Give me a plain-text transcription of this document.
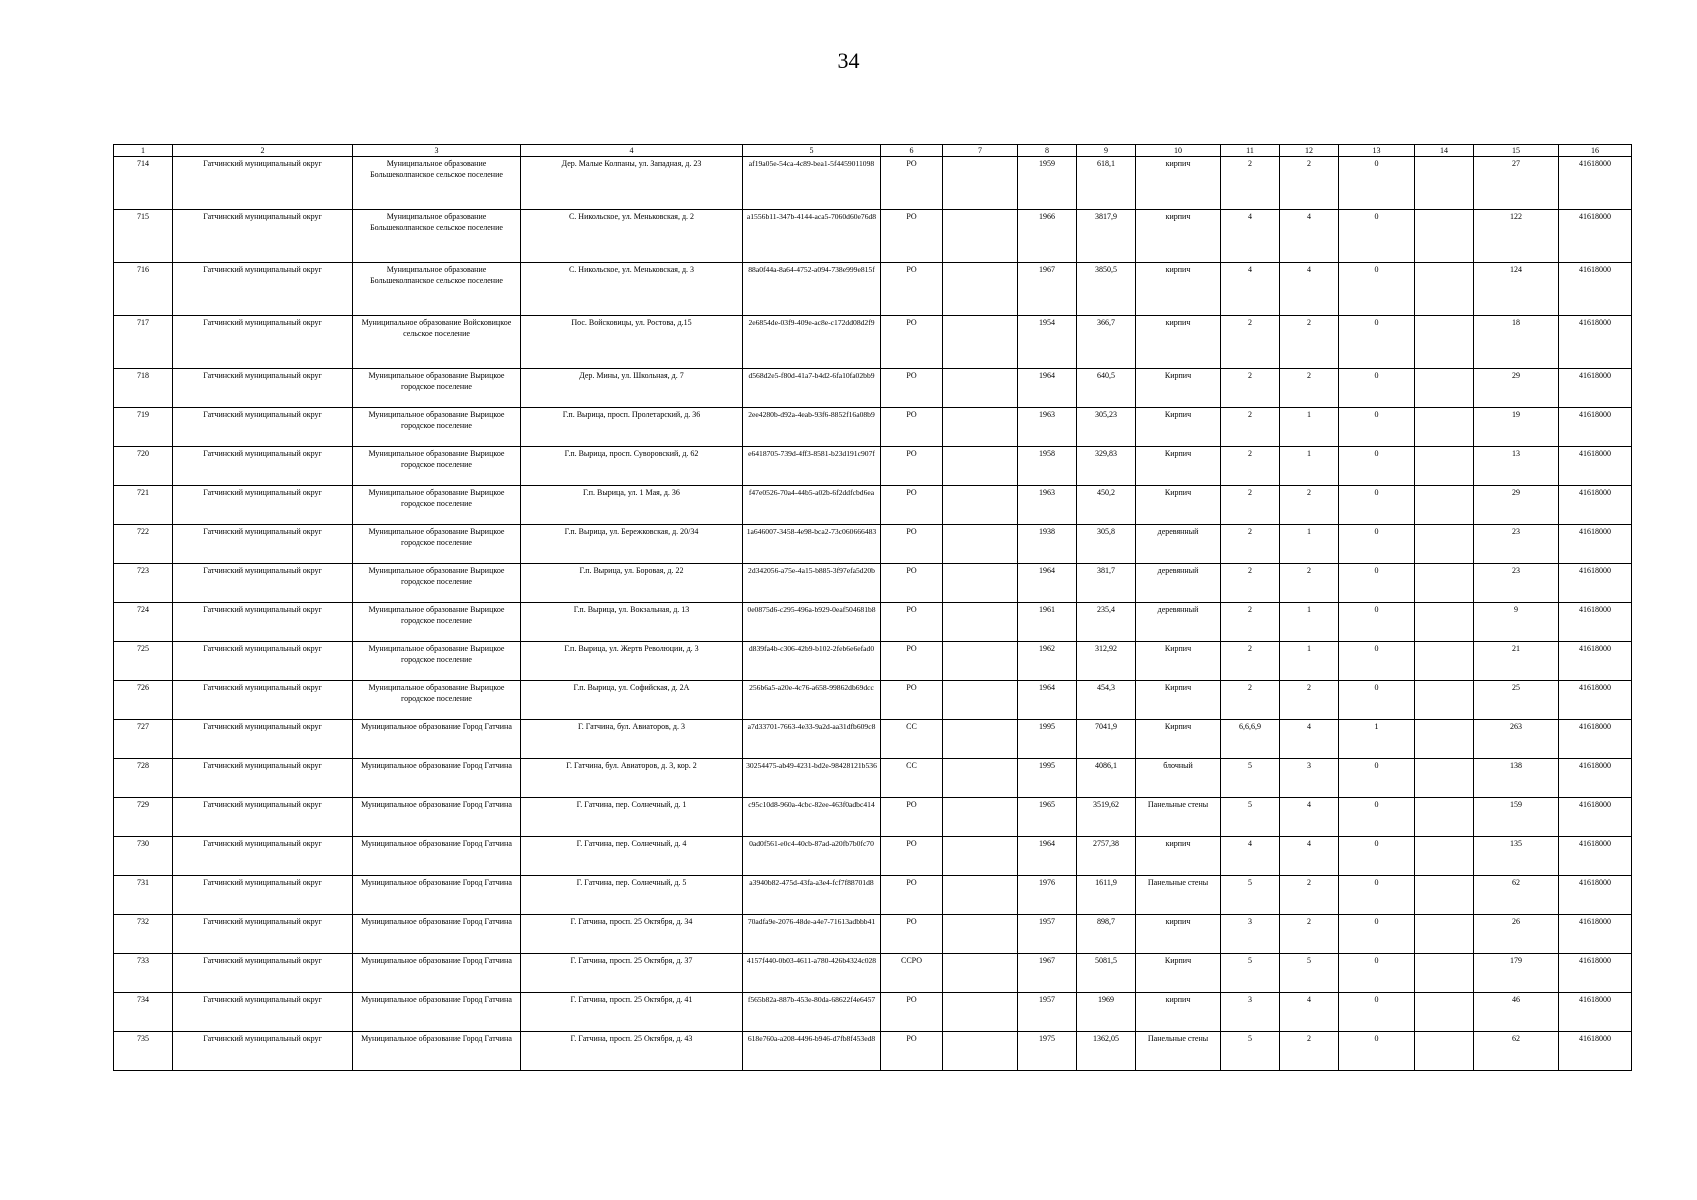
34
1	2	3	4	5	6	7	8	9	10	11	12	13	14	15	16
714	Гатчинский муниципальный округ	Муниципальное образование Большеколпанское сельское поселение	Дер. Малые Колпаны, ул. Западная, д. 23	af19a05e-54ca-4c89-bea1-5f4459011098	РО		1959	618,1	кирпич	2	2	0		27	41618000
715	Гатчинский муниципальный округ	Муниципальное образование Большеколпанское сельское поселение	С. Никольское, ул. Меньковская, д. 2	a1556b11-347b-4144-aca5-7060d60e76d8	РО		1966	3817,9	кирпич	4	4	0		122	41618000
716	Гатчинский муниципальный округ	Муниципальное образование Большеколпанское сельское поселение	С. Никольское, ул. Меньковская, д. 3	88a0f44a-8a64-4752-a094-738e999e815f	РО		1967	3850,5	кирпич	4	4	0		124	41618000
717	Гатчинский муниципальный округ	Муниципальное образование Войсковицкое сельское поселение	Пос. Войсковицы, ул. Ростова, д.15	2e6854de-03f9-409e-ac8e-c172dd08d2f9	РО		1954	366,7	кирпич	2	2	0		18	41618000
718	Гатчинский муниципальный округ	Муниципальное образование Вырицкое городское поселение	Дер. Мины, ул. Школьная, д. 7	d568d2e5-f80d-41a7-b4d2-6fa10fa02bb9	РО		1964	640,5	Кирпич	2	2	0		29	41618000
719	Гатчинский муниципальный округ	Муниципальное образование Вырицкое городское поселение	Г.п. Вырица, просп. Пролетарский, д. 36	2ee4280b-d92a-4eab-93f6-8852f16a08b9	РО		1963	305,23	Кирпич	2	1	0		19	41618000
720	Гатчинский муниципальный округ	Муниципальное образование Вырицкое городское поселение	Г.п. Вырица, просп. Суворовский, д. 62	e6418705-739d-4ff3-8581-b23d191c907f	РО		1958	329,83	Кирпич	2	1	0		13	41618000
721	Гатчинский муниципальный округ	Муниципальное образование Вырицкое городское поселение	Г.п. Вырица, ул. 1 Мая, д. 36	f47e0526-70a4-44b5-a02b-6f2ddfcbd6ea	РО		1963	450,2	Кирпич	2	2	0		29	41618000
722	Гатчинский муниципальный округ	Муниципальное образование Вырицкое городское поселение	Г.п. Вырица, ул. Бережковская, д. 20/34	1a646007-3458-4e98-bca2-73c060666483	РО		1938	305,8	деревянный	2	1	0		23	41618000
723	Гатчинский муниципальный округ	Муниципальное образование Вырицкое городское поселение	Г.п. Вырица, ул. Боровая, д. 22	2d342056-a75e-4a15-b885-3f97efa5d20b	РО		1964	381,7	деревянный	2	2	0		23	41618000
724	Гатчинский муниципальный округ	Муниципальное образование Вырицкое городское поселение	Г.п. Вырица, ул. Вокзальная, д. 13	0e0875d6-c295-496a-b929-0eaf504681b8	РО		1961	235,4	деревянный	2	1	0		9	41618000
725	Гатчинский муниципальный округ	Муниципальное образование Вырицкое городское поселение	Г.п. Вырица, ул. Жертв Революции, д. 3	d839fa4b-c306-42b9-b102-2feb6e6efad0	РО		1962	312,92	Кирпич	2	1	0		21	41618000
726	Гатчинский муниципальный округ	Муниципальное образование Вырицкое городское поселение	Г.п. Вырица, ул. Софийская, д. 2А	256b6a5-a20e-4c76-a658-99862db69dcc	РО		1964	454,3	Кирпич	2	2	0		25	41618000
727	Гатчинский муниципальный округ	Муниципальное образование Город Гатчина	Г. Гатчина, бул. Авиаторов, д. 3	a7d33701-7663-4e33-9a2d-aa31dfb609c8	СС		1995	7041,9	Кирпич	6,6,6,9	4	1		263	41618000
728	Гатчинский муниципальный округ	Муниципальное образование Город Гатчина	Г. Гатчина, бул. Авиаторов, д. 3, кор. 2	30254475-ab49-4231-bd2e-98428121b536	СС		1995	4086,1	блочный	5	3	0		138	41618000
729	Гатчинский муниципальный округ	Муниципальное образование Город Гатчина	Г. Гатчина, пер. Солнечный, д. 1	c95c10d8-960a-4cbc-82ee-463f0adbc414	РО		1965	3519,62	Панельные стены	5	4	0		159	41618000
730	Гатчинский муниципальный округ	Муниципальное образование Город Гатчина	Г. Гатчина, пер. Солнечный, д. 4	0ad0f561-e0c4-40cb-87ad-a20fb7b0fc70	РО		1964	2757,38	кирпич	4	4	0		135	41618000
731	Гатчинский муниципальный округ	Муниципальное образование Город Гатчина	Г. Гатчина, пер. Солнечный, д. 5	a3940b82-475d-43fa-a3e4-fcf7f88701d8	РО		1976	1611,9	Панельные стены	5	2	0		62	41618000
732	Гатчинский муниципальный округ	Муниципальное образование Город Гатчина	Г. Гатчина, просп. 25 Октября, д. 34	70adfa9e-2076-48de-a4e7-71613adbbb41	РО		1957	898,7	кирпич	3	2	0		26	41618000
733	Гатчинский муниципальный округ	Муниципальное образование Город Гатчина	Г. Гатчина, просп. 25 Октября, д. 37	4157f440-0b03-4611-a780-426b4324c028	ССРО		1967	5081,5	Кирпич	5	5	0		179	41618000
734	Гатчинский муниципальный округ	Муниципальное образование Город Гатчина	Г. Гатчина, просп. 25 Октября, д. 41	f565b82a-887b-453e-80da-68622f4e6457	РО		1957	1969	кирпич	3	4	0		46	41618000
735	Гатчинский муниципальный округ	Муниципальное образование Город Гатчина	Г. Гатчина, просп. 25 Октября, д. 43	618e760a-a208-4496-b946-d7fb8f453ed8	РО		1975	1362,05	Панельные стены	5	2	0		62	41618000
